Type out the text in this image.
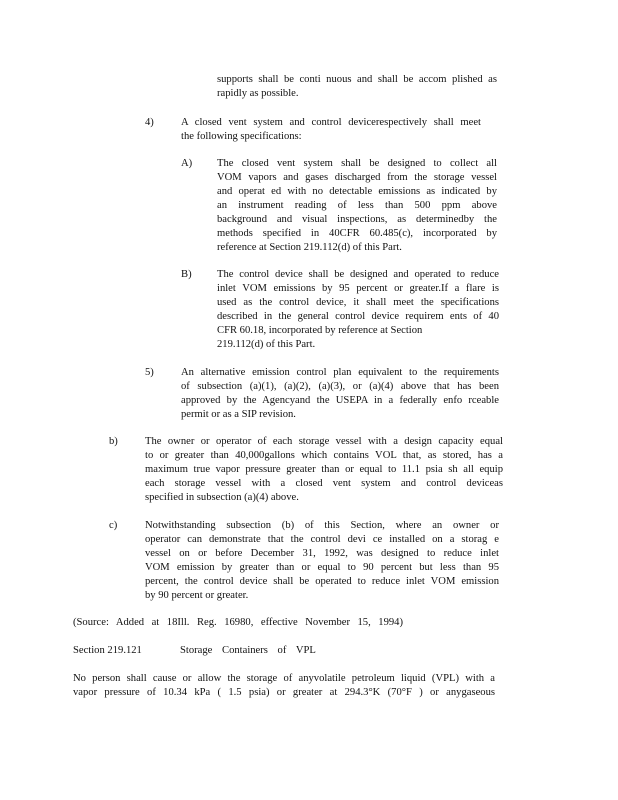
supports shall be conti nuous and shall be accom plished as

rapidly as possible.

4)	A closed vent system and control devicerespectively shall meet

the following specifications:

A) The closed vent system shall be designed to collect all

VOM vapors and gases discharged from the storage vessel

and operat ed with no detectable emissions as indicated by

an instrument reading of less than 500 ppm above

background and visual inspections, as determinedby the

methods specified in 40CFR 60.485(c), incorporated by

reference at Section 219.112(d) of this Part.

B) The control device shall be designed and operated to reduce

inlet VOM emissions by 95 percent or greater.If a flare is

used as the control device, it shall meet the specifications

described in the general control device requirem ents of 40

CFR 60.18, incorporated by reference at Section

219.112(d) of this Part.

5)	An alternative emission control plan equivalent to the requirements

of subsection (a)(1), (a)(2), (a)(3), or (a)(4) above that has been

approved by the Agencyand the USEPA in a federally enfo rceable

permit or as a SIP revision.

b)	The owner or operator of each storage vessel with a design capacity equal

to or greater than 40,000gallons which contains VOL that, as stored, has a

maximum true vapor pressure greater than or equal to 11.1 psia sh all equip

each storage vessel with a closed vent system and control deviceas

specified in subsection (a)(4) above.

c)	Notwithstanding subsection (b) of this Section, where an owner or

operator can demonstrate that the control devi ce installed on a storag e

vessel on or before December 31, 1992, was designed to reduce inlet

VOM emission by greater than or equal to 90 percent but less than 95

percent, the control device shall be operated to reduce inlet VOM emission

by 90 percent or greater.

(Source: Added at 18Ill. Reg. 16980, effective November 15, 1994)

Section 219.121	Storage Containers of VPL

No person shall cause or allow the storage of anyvolatile petroleum liquid (VPL) with a

vapor pressure of 10.34 kPa ( 1.5 psia) or greater at 294.3°K (70°F ) or anygaseous
